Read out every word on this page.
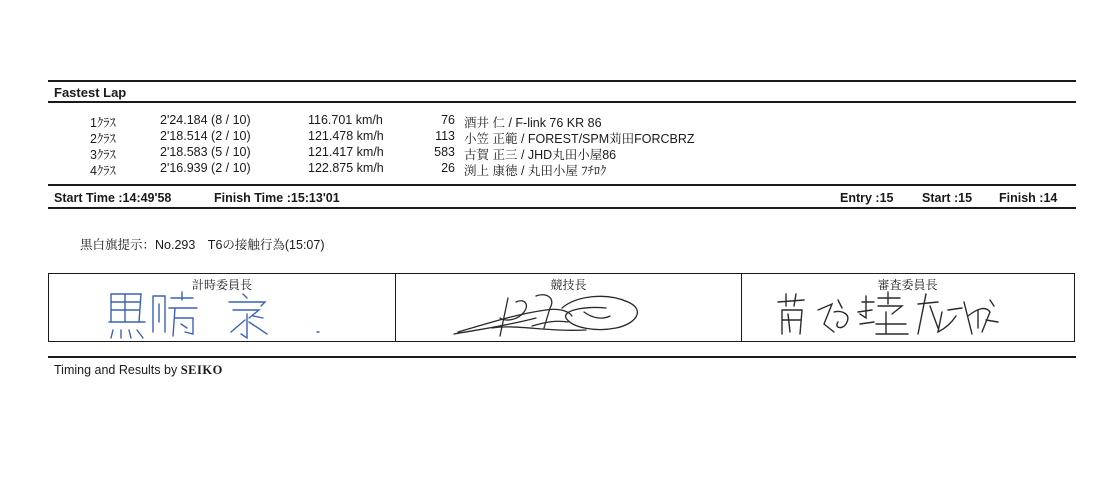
Fastest Lap
1ｸﾗｽ	2'24.184 (8 / 10)	116.701 km/h	76 酒井 仁 / F-link 76 KR 86
2ｸﾗｽ	2'18.514 (2 / 10)	121.478 km/h	113 小笠 正範 / FOREST/SPM苅田FORCBRZ
3ｸﾗｽ	2'18.583 (5 / 10)	121.417 km/h	583 古賀 正三 / JHD丸田小屋86
4ｸﾗｽ	2'16.939 (2 / 10)	122.875 km/h	26 渕上 康徳 / 丸田小屋 ﾌﾁﾛｸ
Start Time :14:49'58	Finish Time :15:13'01	Entry :15 Start :15 Finish :14
黒白旗提示：No.293　T6の接触行為(15:07)
計時委員長	競技長	審査委員長
Timing and Results by SEIKO
